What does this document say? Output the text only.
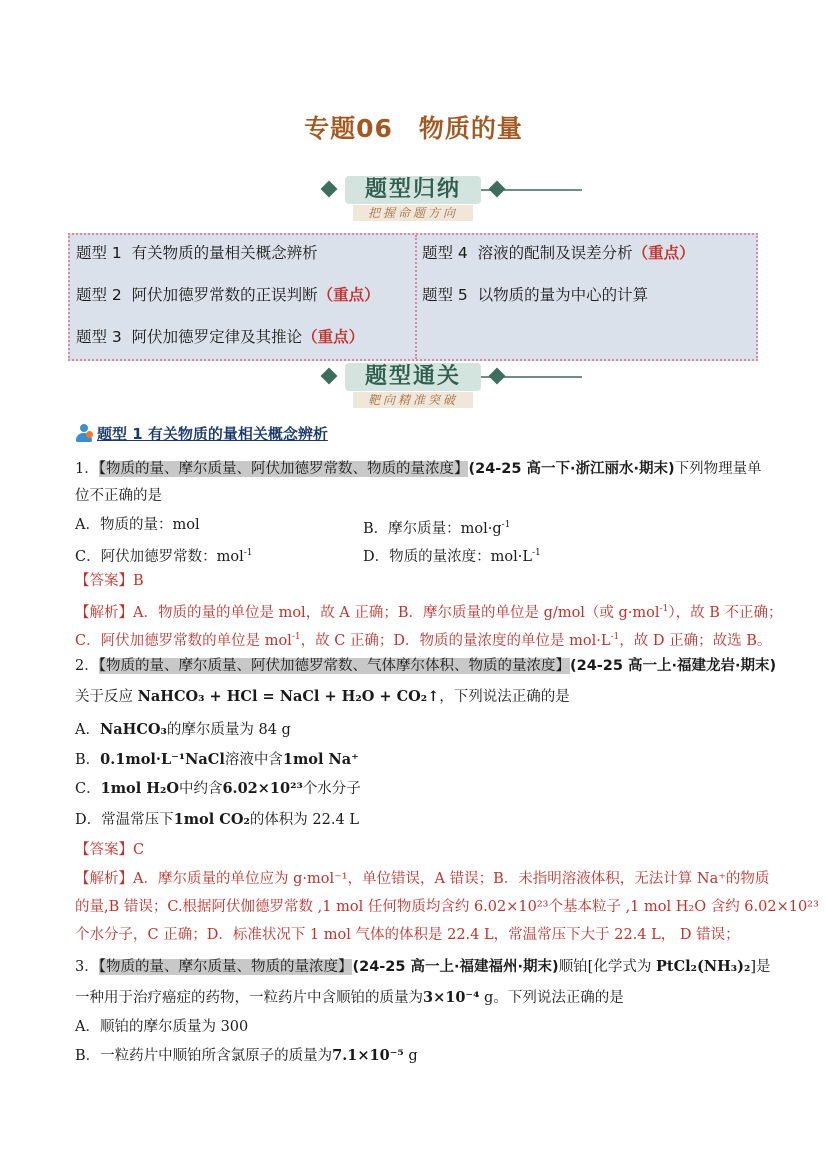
专题06　物质的量
题型归纳
把握命题方向
题型 1 有关物质的量相关概念辨析
题型 2 阿伏加德罗常数的正误判断（重点）
题型 3 阿伏加德罗定律及其推论（重点）
题型 4 溶液的配制及误差分析（重点）
题型 5 以物质的量为中心的计算
题型通关
靶向精准突破
题型 1 有关物质的量相关概念辨析
1．【物质的量、摩尔质量、阿伏加德罗常数、物质的量浓度】(24-25 高一下·浙江丽水·期末)下列物理量单
位不正确的是
A．物质的量：mol	B．摩尔质量：$mol\cdot g^{-1}$
C．阿伏加德罗常数：mol$^{-1}$	D．物质的量浓度：$mol\cdot L^{-1}$
【答案】B
【解析】A．物质的量的单位是 mol，故 A 正确；B．摩尔质量的单位是 g/mol（或 g·mol$^{-1}$），故 B 不正确；
C．阿伏加德罗常数的单位是 mol$^{-1}$，故 C 正确；D．物质的量浓度的单位是 $mol\cdot L^{-1}$，故 D 正确；故选 B。
2．【物质的量、摩尔质量、阿伏加德罗常数、气体摩尔体积、物质的量浓度】(24-25 高一上·福建龙岩·期末)
关于反应 NaHCO₃ + HCl = NaCl + H₂O + CO₂↑，下列说法正确的是
A．NaHCO₃的摩尔质量为 84 g
B．0.1mol·L⁻¹NaCl溶液中含1mol Na⁺
C．1mol H₂O中约含6.02×10²³个水分子
D．常温常压下1mol CO₂的体积为 22.4 L
【答案】C
【解析】A．摩尔质量的单位应为 g·mol⁻¹，单位错误，A 错误；B．未指明溶液体积，无法计算 Na⁺的物质
的量,B 错误；C.根据阿伏伽德罗常数 ,1 mol 任何物质均含约 6.02×10²³个基本粒子 ,1 mol H₂O 含约 6.02×10²³
个水分子，C 正确；D．标准状况下 1 mol 气体的体积是 22.4 L，常温常压下大于 22.4 L， D 错误；
3．【物质的量、摩尔质量、物质的量浓度】(24-25 高一上·福建福州·期末)顺铂[化学式为 PtCl₂(NH₃)₂]是
一种用于治疗癌症的药物，一粒药片中含顺铂的质量为3×10⁻⁴ g。下列说法正确的是
A．顺铂的摩尔质量为 300
B．一粒药片中顺铂所含氯原子的质量为7.1×10⁻⁵ g
